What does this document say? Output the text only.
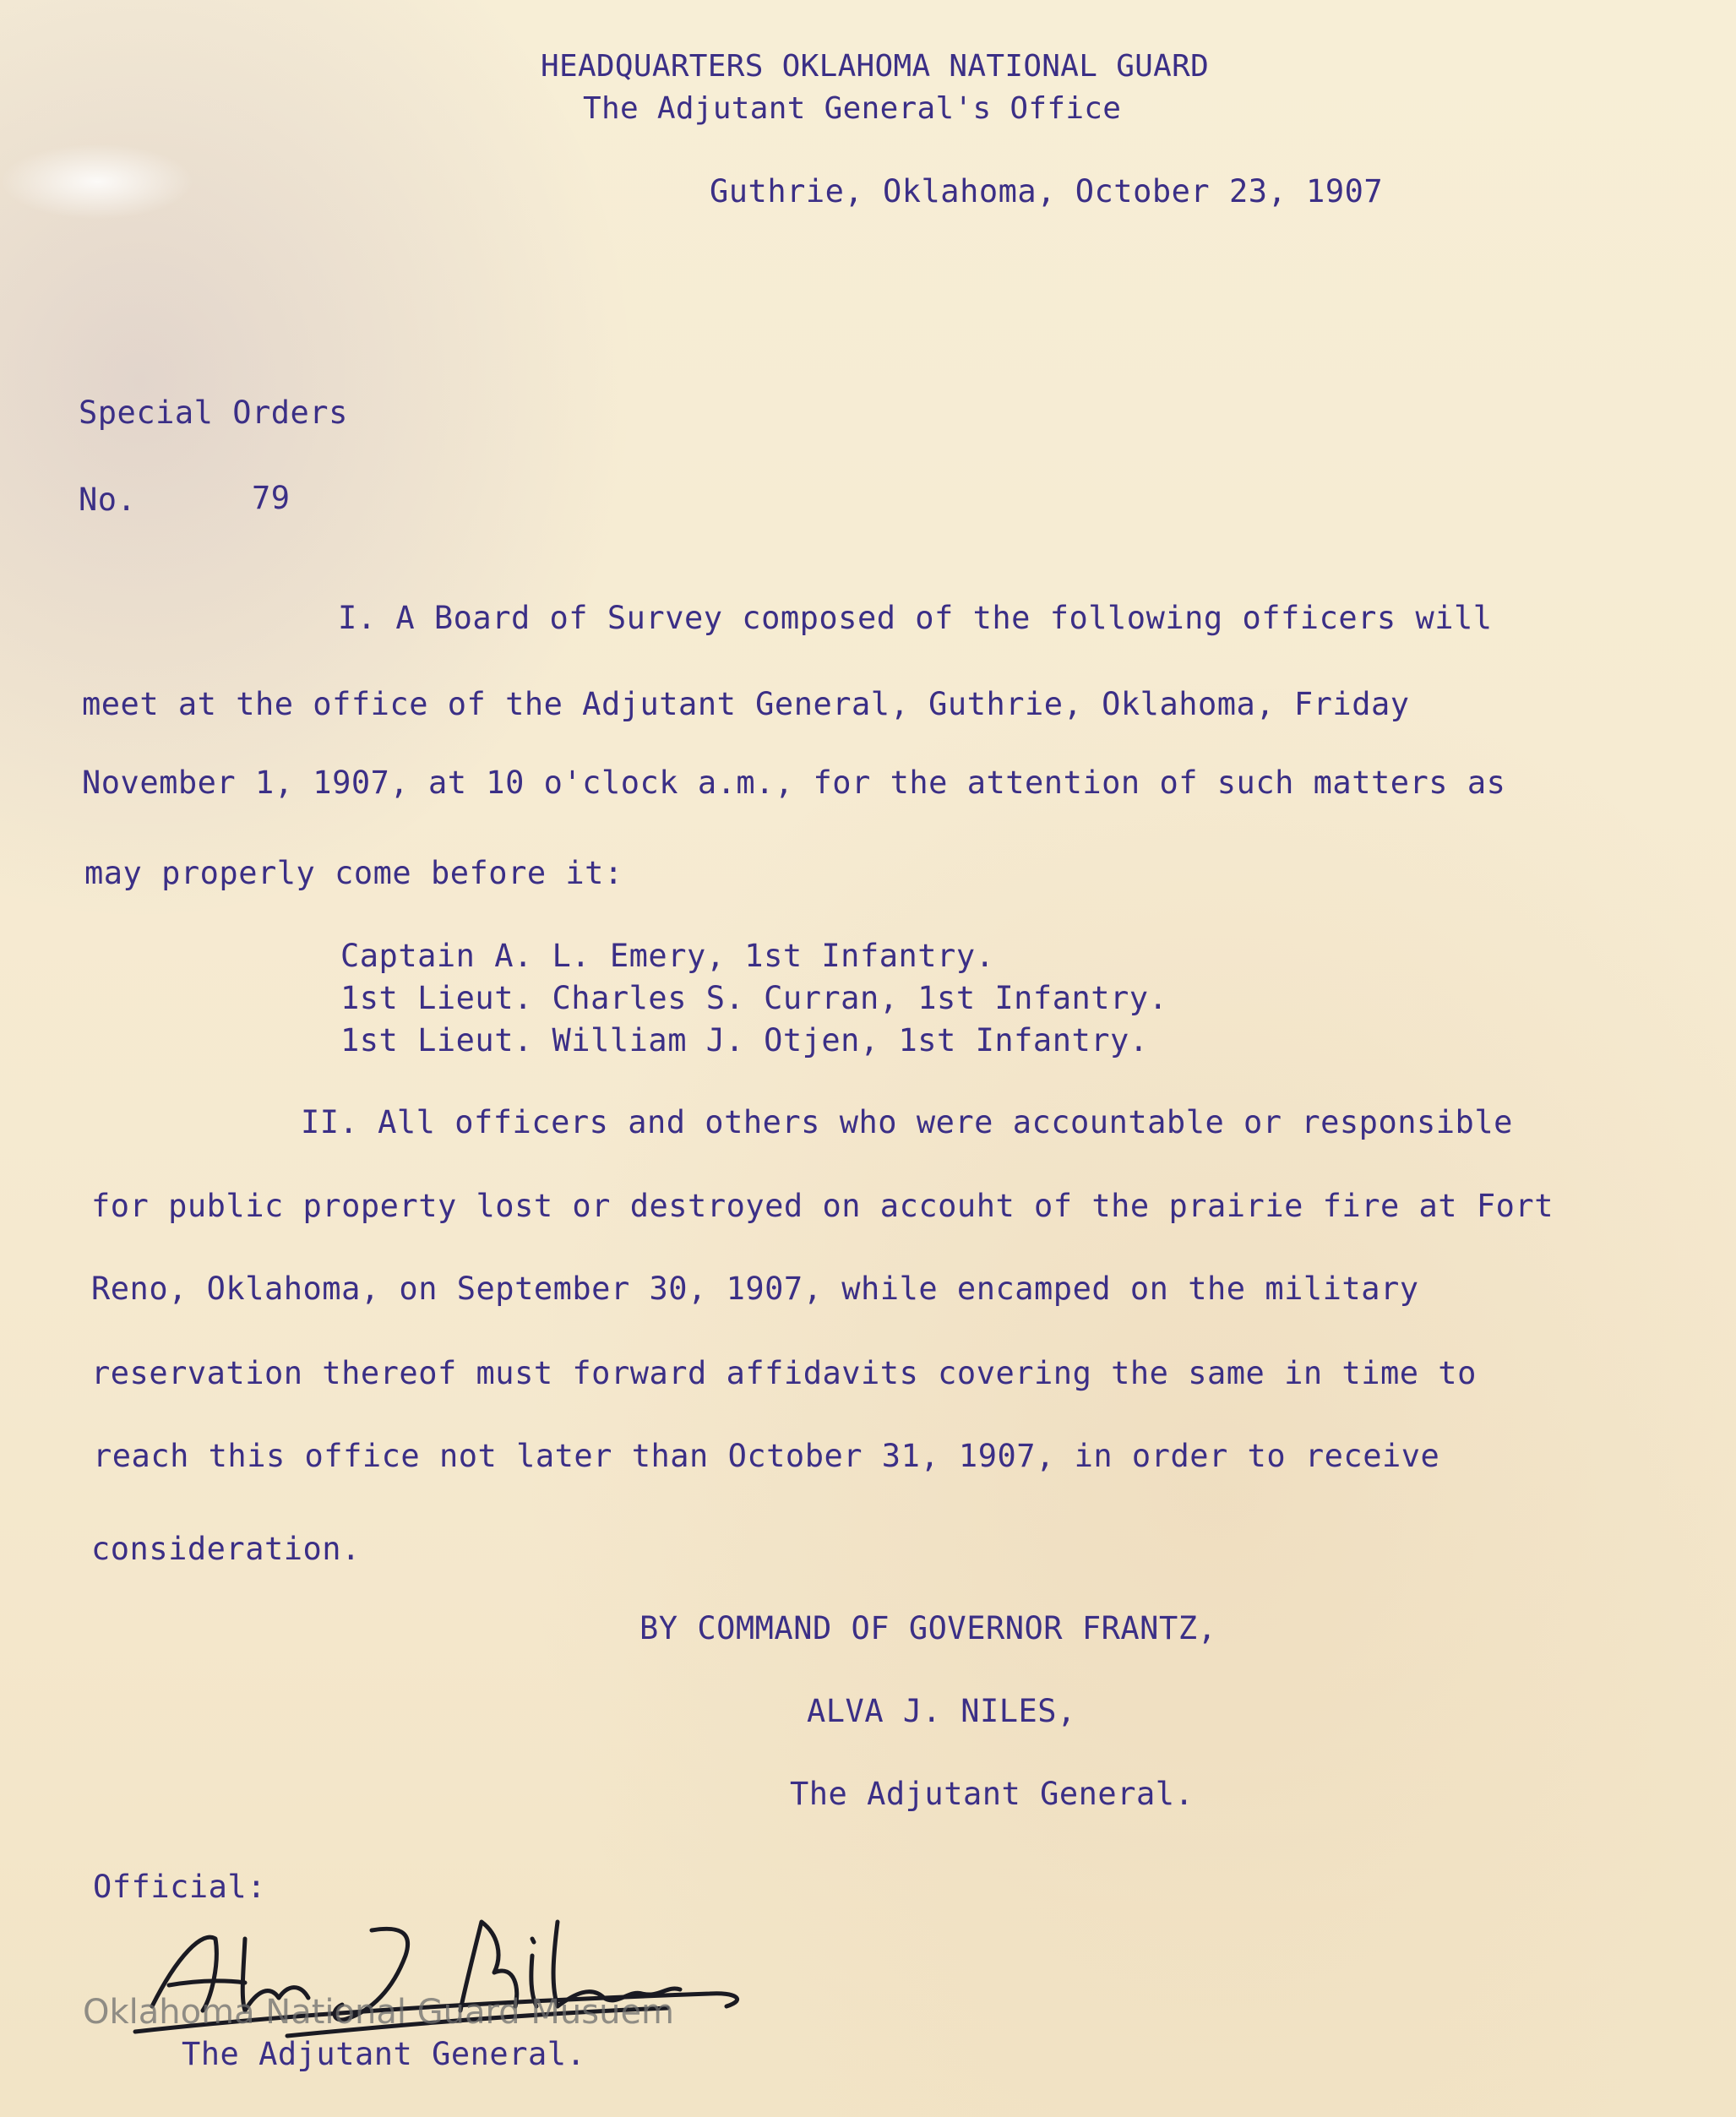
HEADQUARTERS OKLAHOMA NATIONAL GUARD
The Adjutant General's Office
Guthrie, Oklahoma, October 23, 1907
Special Orders
No.	79
I. A Board of Survey composed of the following officers will
meet at the office of the Adjutant General, Guthrie, Oklahoma, Friday
November 1, 1907, at 10 o'clock a.m., for the attention of such matters as
may properly come before it:
Captain A. L. Emery, 1st Infantry.
1st Lieut. Charles S. Curran, 1st Infantry.
1st Lieut. William J. Otjen, 1st Infantry.
II. All officers and others who were accountable or responsible
for public property lost or destroyed on accouht of the prairie fire at Fort
Reno, Oklahoma, on September 30, 1907, while encamped on the military
reservation thereof must forward affidavits covering the same in time to
reach this office not later than October 31, 1907, in order to receive
consideration.
BY COMMAND OF GOVERNOR FRANTZ,
ALVA J. NILES,
The Adjutant General.
Official:
Oklahoma National Guard Musuem
The Adjutant General.
